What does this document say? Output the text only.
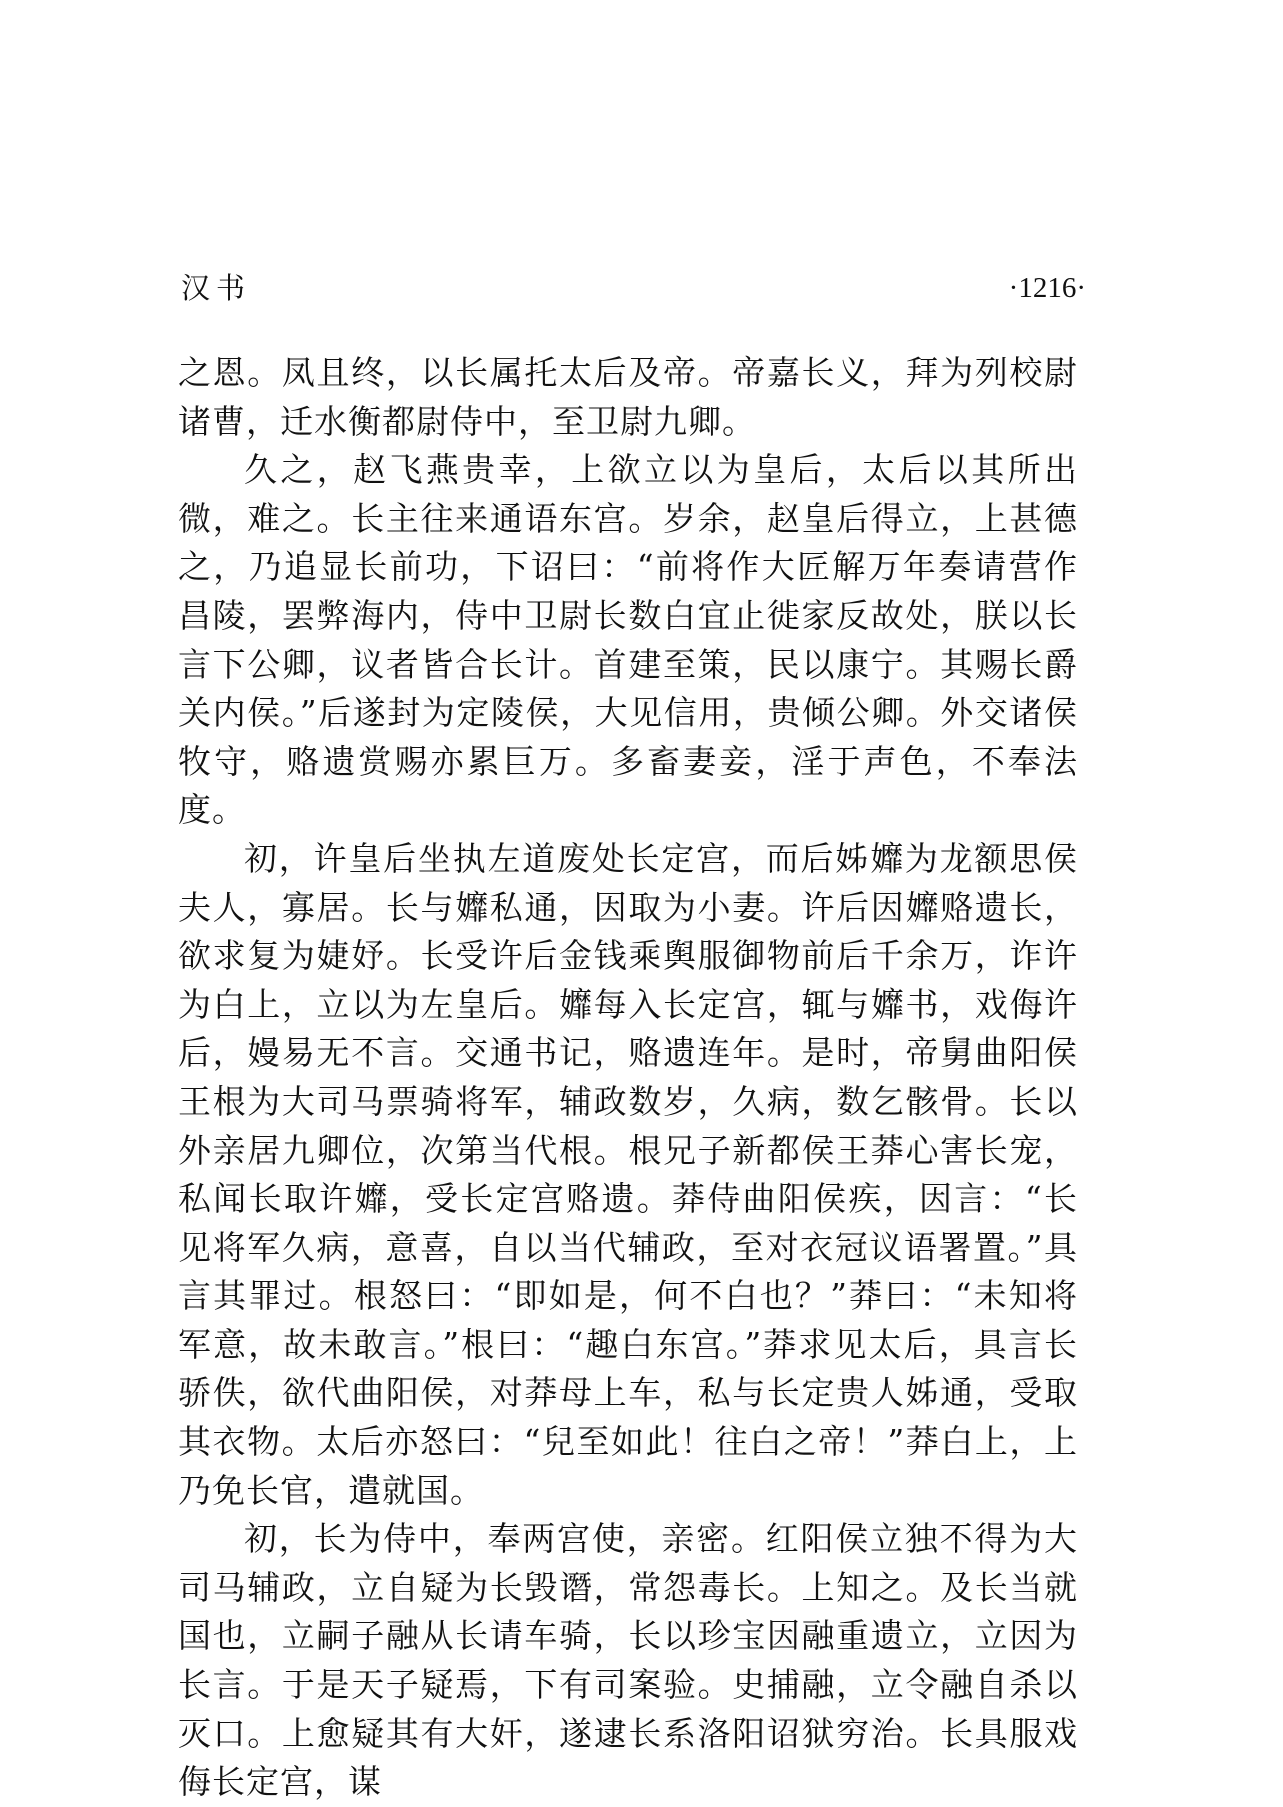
汉书	·1216·

之恩。凤且终，以长属托太后及帝。帝嘉长义，拜为列校尉诸曹，迁水衡都尉侍中，至卫尉九卿。

久之，赵飞燕贵幸，上欲立以为皇后，太后以其所出微，难之。长主往来通语东宫。岁余，赵皇后得立，上甚德之，乃追显长前功，下诏曰：“前将作大匠解万年奏请营作昌陵，罢弊海内，侍中卫尉长数白宜止徙家反故处，朕以长言下公卿，议者皆合长计。首建至策，民以康宁。其赐长爵关内侯。”后遂封为定陵侯，大见信用，贵倾公卿。外交诸侯牧守，赂遗赏赐亦累巨万。多畜妻妾，淫于声色，不奉法度。

初，许皇后坐执左道废处长定宫，而后姊孊为龙额思侯夫人，寡居。长与孊私通，因取为小妻。许后因孊赂遗长，欲求复为婕妤。长受许后金钱乘舆服御物前后千余万，诈许为白上，立以为左皇后。孊每入长定宫，辄与孊书，戏侮许后，嫚易无不言。交通书记，赂遗连年。是时，帝舅曲阳侯王根为大司马票骑将军，辅政数岁，久病，数乞骸骨。长以外亲居九卿位，次第当代根。根兄子新都侯王莽心害长宠，私闻长取许孊，受长定宫赂遗。莽侍曲阳侯疾，因言：“长见将军久病，意喜，自以当代辅政，至对衣冠议语署置。”具言其罪过。根怒曰：“即如是，何不白也？”莽曰：“未知将军意，故未敢言。”根曰：“趣白东宫。”莽求见太后，具言长骄佚，欲代曲阳侯，对莽母上车，私与长定贵人姊通，受取其衣物。太后亦怒曰：“兒至如此！往白之帝！”莽白上，上乃免长官，遣就国。

初，长为侍中，奉两宫使，亲密。红阳侯立独不得为大司马辅政，立自疑为长毁谮，常怨毒长。上知之。及长当就国也，立嗣子融从长请车骑，长以珍宝因融重遗立，立因为长言。于是天子疑焉，下有司案验。史捕融，立令融自杀以灭口。上愈疑其有大奸，遂逮长系洛阳诏狱穷治。长具服戏侮长定宫，谋
